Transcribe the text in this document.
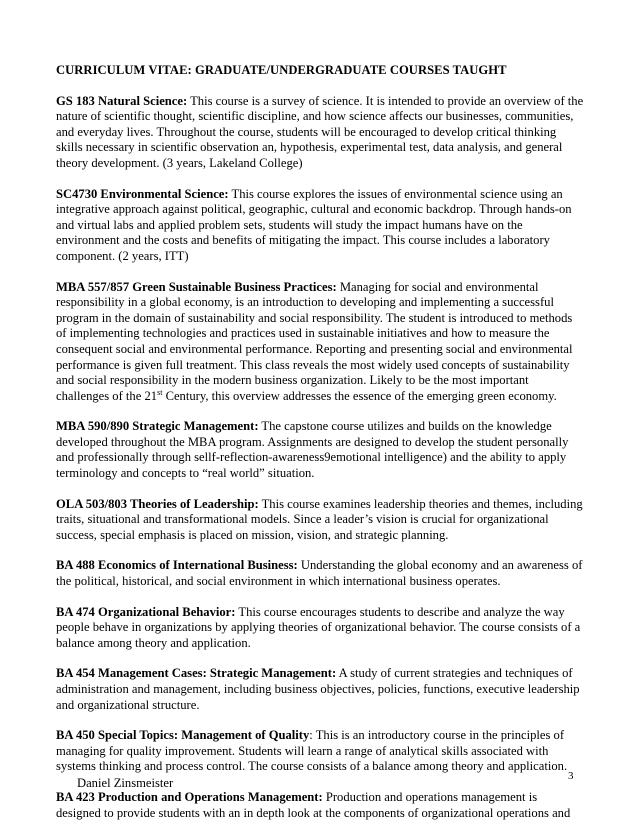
CURRICULUM VITAE: GRADUATE/UNDERGRADUATE COURSES TAUGHT
GS 183 Natural Science: This course is a survey of science. It is intended to provide an overview of the nature of scientific thought, scientific discipline, and how science affects our businesses, communities, and everyday lives. Throughout the course, students will be encouraged to develop critical thinking skills necessary in scientific observation an, hypothesis, experimental test, data analysis, and general theory development. (3 years, Lakeland College)
SC4730 Environmental Science: This course explores the issues of environmental science using an integrative approach against political, geographic, cultural and economic backdrop. Through hands-on and virtual labs and applied problem sets, students will study the impact humans have on the environment and the costs and benefits of mitigating the impact. This course includes a laboratory component. (2 years, ITT)
MBA 557/857 Green Sustainable Business Practices: Managing for social and environmental responsibility in a global economy, is an introduction to developing and implementing a successful program in the domain of sustainability and social responsibility. The student is introduced to methods of implementing technologies and practices used in sustainable initiatives and how to measure the consequent social and environmental performance. Reporting and presenting social and environmental performance is given full treatment. This class reveals the most widely used concepts of sustainability and social responsibility in the modern business organization. Likely to be the most important challenges of the 21st Century, this overview addresses the essence of the emerging green economy.
MBA 590/890 Strategic Management: The capstone course utilizes and builds on the knowledge developed throughout the MBA program. Assignments are designed to develop the student personally and professionally through sellf-reflection-awareness9emotional intelligence) and the ability to apply terminology and concepts to “real world” situation.
OLA 503/803 Theories of Leadership: This course examines leadership theories and themes, including traits, situational and transformational models. Since a leader’s vision is crucial for organizational success, special emphasis is placed on mission, vision, and strategic planning.
BA 488 Economics of International Business: Understanding the global economy and an awareness of the political, historical, and social environment in which international business operates.
BA 474 Organizational Behavior: This course encourages students to describe and analyze the way people behave in organizations by applying theories of organizational behavior. The course consists of a balance among theory and application.
BA 454 Management Cases: Strategic Management: A study of current strategies and techniques of administration and management, including business objectives, policies, functions, executive leadership and organizational structure.
BA 450 Special Topics: Management of Quality: This is an introductory course in the principles of managing for quality improvement. Students will learn a range of analytical skills associated with systems thinking and process control. The course consists of a balance among theory and application.
BA 423 Production and Operations Management: Production and operations management is designed to provide students with an in depth look at the components of organizational operations and
Daniel Zinsmeister	3
